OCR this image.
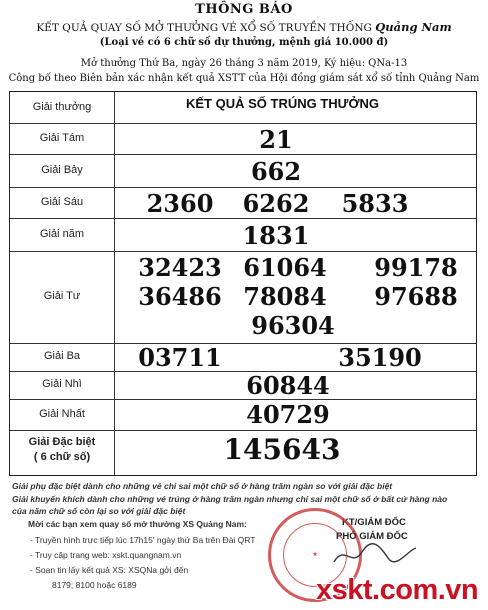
THÔNG BÁO
KẾT QUẢ QUAY SỐ MỞ THƯỞNG VÉ XỔ SỐ TRUYỀN THỐNG Quảng Nam
(Loại vé có 6 chữ số dự thưởng, mệnh giá 10.000 đ)
Mở thưởng Thứ Ba, ngày 26 tháng 3 năm 2019, Ký hiệu: QNa-13
Công bố theo Biên bản xác nhận kết quả XSTT của Hội đồng giám sát xổ số tỉnh Quảng Nam
Giải thưởng	KẾT QUẢ SỐ TRÚNG THƯỞNG
Giải Tám	21
Giải Bảy	662
Giải Sáu	2360 6262 5833
Giải năm	1831
Giải Tư
32423 61064 99178
36486 78084 97688
96304
Giải Ba	03711	35190
Giải Nhì	60844
Giải Nhất	40729
Giải Đặc biệt
( 6 chữ số)	145643
Giải phụ đặc biệt dành cho những vé chỉ sai một chữ số ở hàng trăm ngàn so với giải đặc biệt
Giải khuyến khích dành cho những vé trúng ở hàng trăm ngàn nhưng chỉ sai một chữ số ở bất cứ hàng nào
của năm chữ số còn lại so với giải đặc biệt
Mời các bạn xem quay số mở thưởng XS Quảng Nam:
- Truyền hình trực tiếp lúc 17h15' ngày thứ Ba trên Đài QRT
- Truy cập trang web: xskt.quangnam.vn
- Soạn tin lấy kết quả XS: XSQNa gởi đến
8179; 8100 hoặc 6189
KT/GIÁM ĐỐC
★
PHÓ GIÁM ĐỐC
xskt.com.vn
